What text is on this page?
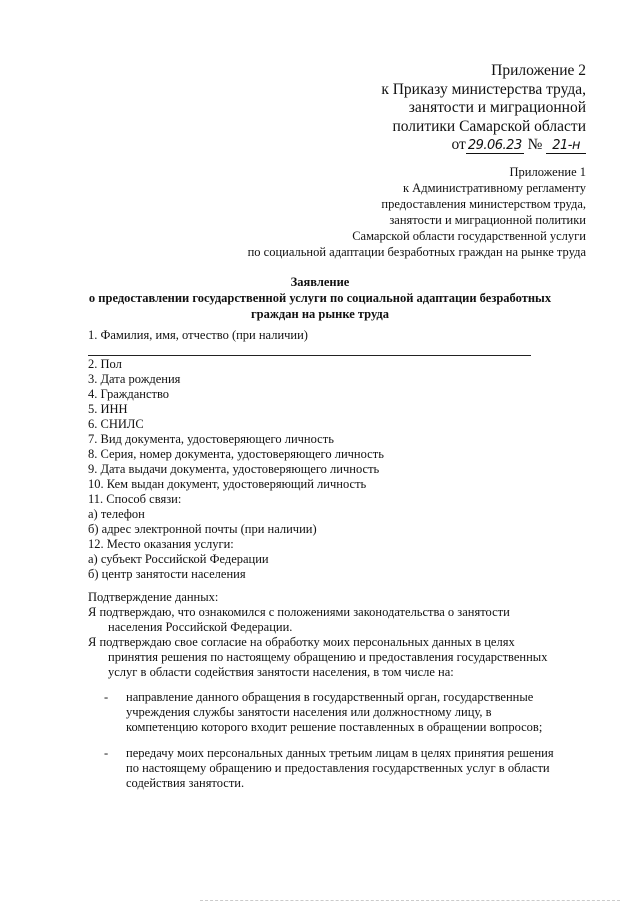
Приложение 2
к Приказу министерства труда,
занятости и миграционной
политики Самарской области
от 29.06.23 № 21-н
Приложение 1
к Административному регламенту
предоставления министерством труда,
занятости и миграционной политики
Самарской области государственной услуги
по социальной адаптации безработных граждан на рынке труда
Заявление
о предоставлении государственной услуги по социальной адаптации безработных
граждан на рынке труда
1. Фамилия, имя, отчество (при наличии)
2. Пол
3. Дата рождения
4. Гражданство
5. ИНН
6. СНИЛС
7. Вид документа, удостоверяющего личность
8. Серия, номер документа, удостоверяющего личность
9. Дата выдачи документа, удостоверяющего личность
10. Кем выдан документ, удостоверяющий личность
11. Способ связи:
а) телефон
б) адрес электронной почты (при наличии)
12. Место оказания услуги:
а) субъект Российской Федерации
б) центр занятости населения

Подтверждение данных:

Я подтверждаю, что ознакомился с положениями законодательства о занятости

населения Российской Федерации.

Я подтверждаю свое согласие на обработку моих персональных данных в целях

принятия решения по настоящему обращению и предоставления государственных

услуг в области содействия занятости населения, в том числе на:

- направление данного обращения в государственный орган, государственные
учреждения службы занятости населения или должностному лицу, в
компетенцию которого входит решение поставленных в обращении вопросов;
- передачу моих персональных данных третьим лицам в целях принятия решения
по настоящему обращению и предоставления государственных услуг в области
содействия занятости.
